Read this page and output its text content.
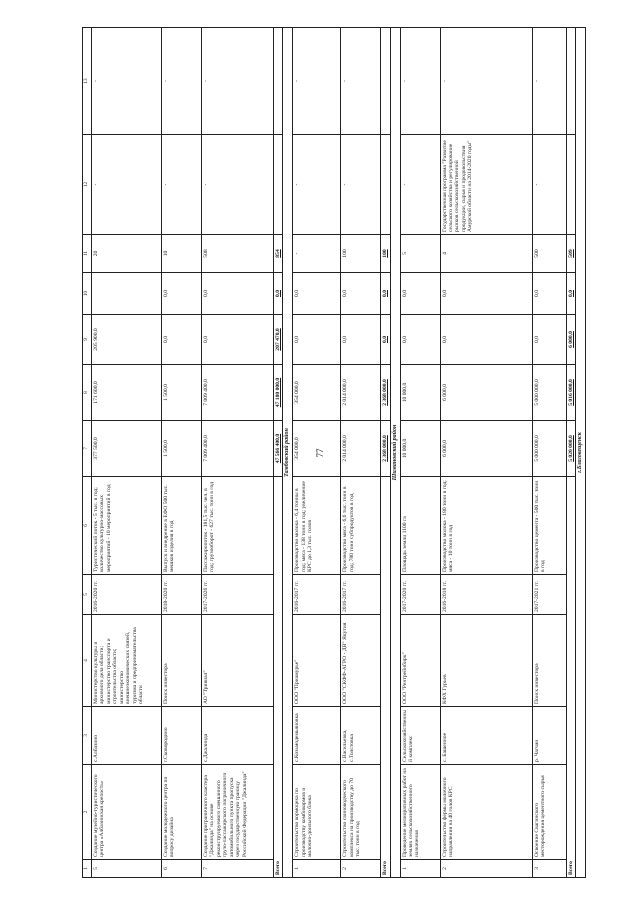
77
1	2	3	4	5	6	7	8	9	10	11	12	13
5	Создание музейно-туристического центра «Албазинская крепость»	с.Албазино	Министерство культуры и архивного дела области; министерство транспорта и строительства области; министерство внешнеэкономических связей, туризма и предпринимательства области	2016-2020 гг.	Туристический поток - 5 тыс. в год; количество культурно-массовых мероприятий - 10 мероприятий в год	377 500,0	171 600,0	205 900,0		20	-	-
6	Создание молодежного центра по вопросу дизайна	г.Сковородино	Поиск инвестора	2018-2020 гг.	Выпуск и внедрение в ЕФО 500 тыс. мешков изделия в год	1 500,0	1 500,0	0,0	0,0	10	-	-
7	Создание приграничного кластера "Джалинда" на основе реконструируемого смешанного грузо-пассажирского пограничного автомобильного пункта пропуска через государственную границу Российской Федерации "Джалинда"	с.Джалинда	АО "Тривиал"	2017-2026 гг.	Пассажиропоток - 181,5 тыс. чел. в год; грузооборот - 627 тыс. тонн в год	7 009 400,0	7 009 400,0	0,0	0,0	508	-	-
Всего						47 566 400,0	47 100 000,0	207 470,0	0,0	854		
Тамбовский район												
1	Строительство кормоцеха по производству комбикормов и молочно-доильного блока	с.Козьмодемьяновка	ООО "Приамурье"	2016-2017 гг.	Производство молока - 6,4 тонны в год; мяса - 138 тонн в год; увеличение КРС до 1,3 тыс. голов	354 000,0	354 000,0	0,0	0,0	-	-	-
2	Строительство свиноводческого комплекса на производству до 70 тыс. тонн в год	с.Васильевка, с.Толстовка	ООО "СКФФ-АГРО - ДВ" Якутия	2016-2017 гг.	Производство мяса - 6,6 тыс. тонн в год; 780 тонн субпродуктов в год	2 014 000,0	2 014 000,0	0,0	0,0	100	-	-
Всего						2 368 000,0	2 368 000,0	0,0	0,0	100		
Шимановский район												
1	Проведение мелиоративных работ на землях сельскохозяйственного назначения	Сельскохозяйственный комплекс	ООО "Рентрейнбирк"	2017-2020 гг.	Площадь земли 1100 га	10 000,0	10 000,0	0,0	0,0	5	-	-
2	Строительство фермы молочного направления на 40 голов КРС	с. Башенное	КФХ Гурьев	2016-2018 гг.	Производство молока - 180 тонн в год; мяса - 10 тонн в год	6 000,0	6 000,0	0,0	0,0	4	Государственная программа "Развитие сельского хозяйства и регулирование рынков сельскохозяйственной продукции, сырья и продовольствия Амурской области на 2014-2020 годы"	-
3	Освоение Свагинского месторождения цементного сырья	р. Чагчан	Поиск инвестора	2017-2021 гг.	Производство цемента - 500 тыс. тонн в год	5 000 000,0	5 000 000,0	0,0	0,0	500	-	-
Всего						5 020 000,0	5 016 000,0	6 000,0	0,0	509		
г.Благовещенск												
